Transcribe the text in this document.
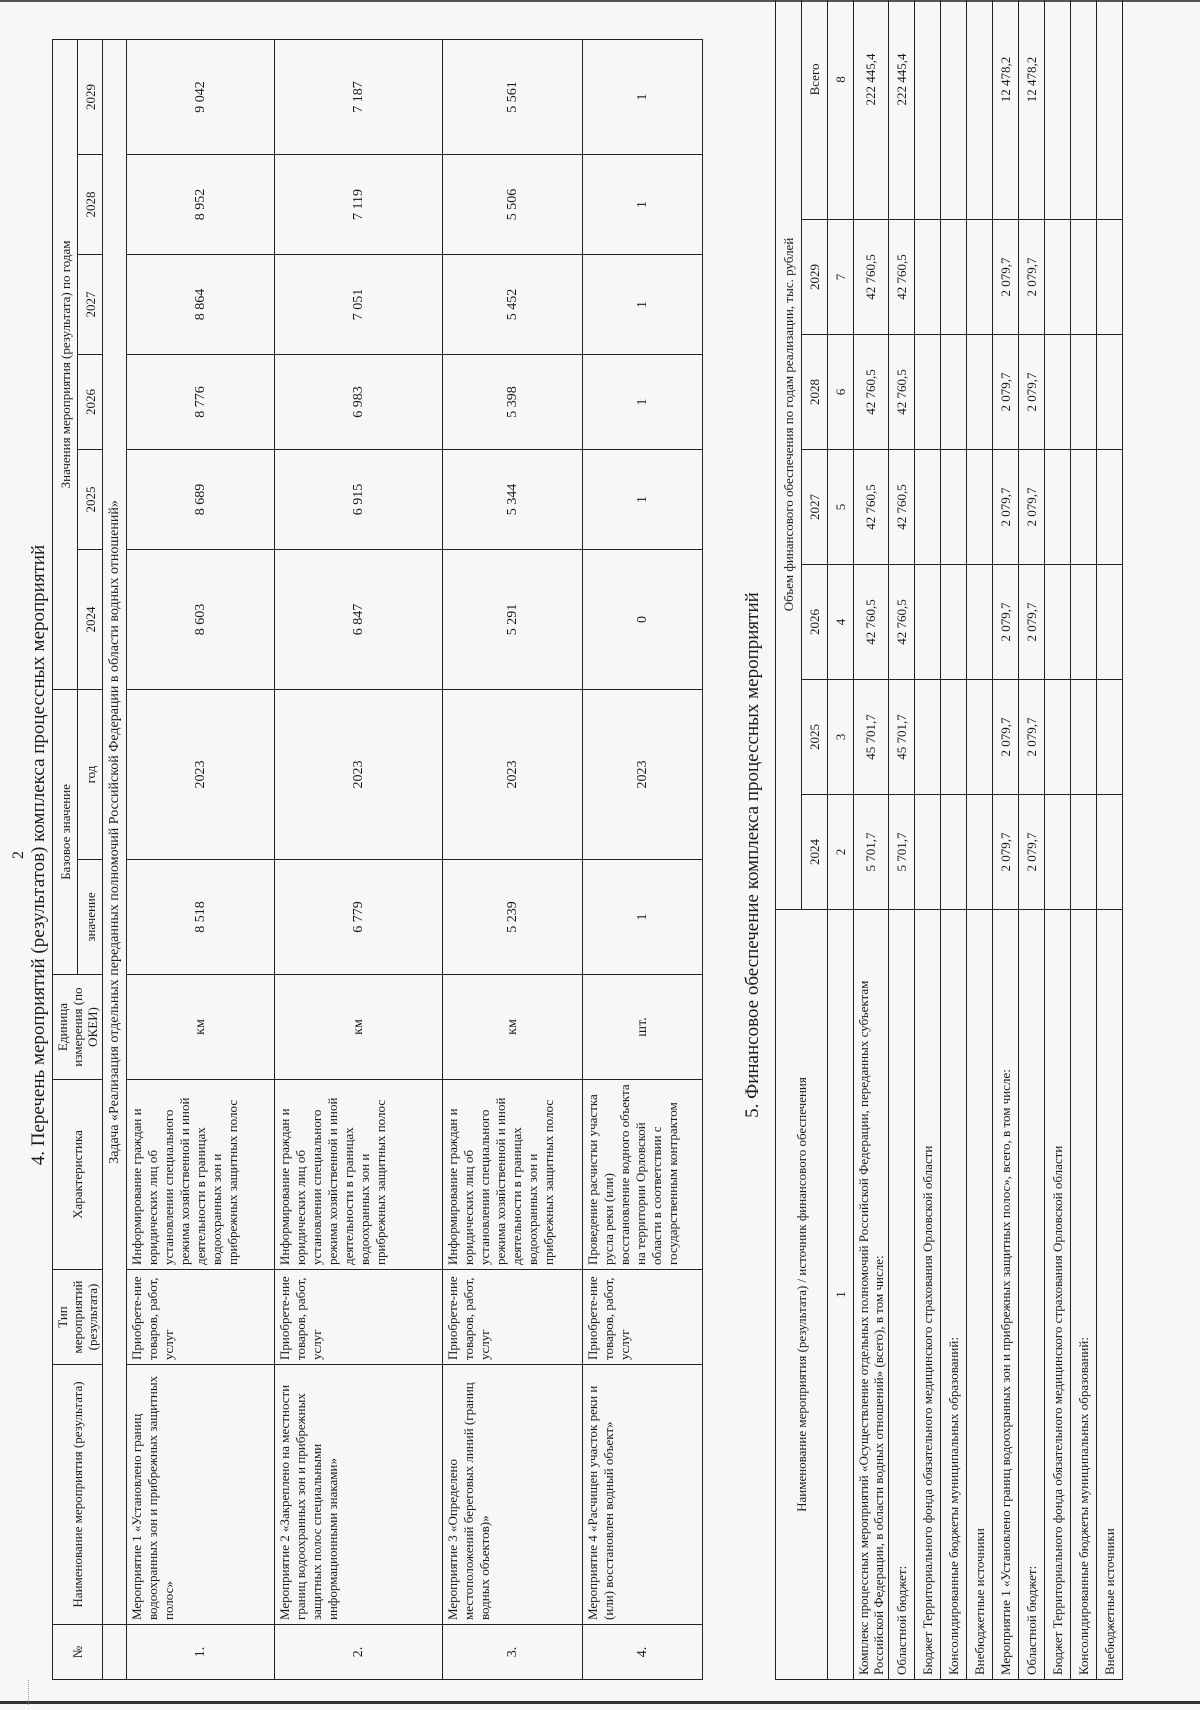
2 4. Перечень мероприятий (результатов) комплекса процессных мероприятий
№	Наименование мероприятия (результата)	Тип мероприятий (результата)	Характеристика	Единица измерения (по ОКЕИ)	Базовое значение		Значения мероприятия (результата) по годам					
					значение	год	2024	2025	2026	2027	2028	2029
	Задача «Реализация отдельных переданных полномочий Российской Федерации в области водных отношений»											
1.	Мероприятие 1 «Установлено границ водоохранных зон и прибрежных защитных полос»	Приобрете-ние товаров, работ, услуг	Информирование граждан и юридических лиц об установлении специального режима хозяйственной и иной деятельности в границах водоохранных зон и прибрежных защитных полос	км	8 518	2023	8 603	8 689	8 776	8 864	8 952	9 042
2.	Мероприятие 2 «Закреплено на местности границ водоохранных зон и прибрежных защитных полос специальными информационными знаками»	Приобрете-ние товаров, работ, услуг	Информирование граждан и юридических лиц об установлении специального режима хозяйственной и иной деятельности в границах водоохранных зон и прибрежных защитных полос	км	6 779	2023	6 847	6 915	6 983	7 051	7 119	7 187
3.	Мероприятие 3 «Определено местоположений береговых линий (границ водных объектов)»	Приобрете-ние товаров, работ, услуг	Информирование граждан и юридических лиц об установлении специального режима хозяйственной и иной деятельности в границах водоохранных зон и прибрежных защитных полос	км	5 239	2023	5 291	5 344	5 398	5 452	5 506	5 561
4.	Мероприятие 4 «Расчищен участок реки и (или) восстановлен водный объект»	Приобрете-ние товаров, работ, услуг	Проведение расчистки участка русла реки (или) восстановление водного объекта на территории Орловской области в соответствии с государственным контрактом	шт.	1	2023	0	1	1	1	1	1
5. Финансовое обеспечение комплекса процессных мероприятий
Наименование мероприятия (результата) / источник финансового обеспечения	Объем финансового обеспечения по годам реализации, тыс. рублей						
	2024	2025	2026	2027	2028	2029	Всего
1	2	3	4	5	6	7	8
Комплекс процессных мероприятий «Осуществление отдельных полномочий Российской Федерации, переданных субъектам Российской Федерации, в области водных отношений» (всего), в том числе:	5 701,7	45 701,7	42 760,5	42 760,5	42 760,5	42 760,5	222 445,4
Областной бюджет:	5 701,7	45 701,7	42 760,5	42 760,5	42 760,5	42 760,5	222 445,4
Бюджет Территориального фонда обязательного медицинского страхования Орловской области							
Консолидированные бюджеты муниципальных образований:							
Внебюджетные источники							
Мероприятие 1 «Установлено границ водоохранных зон и прибрежных защитных полос», всего, в том числе:	2 079,7	2 079,7	2 079,7	2 079,7	2 079,7	2 079,7	12 478,2
Областной бюджет:	2 079,7	2 079,7	2 079,7	2 079,7	2 079,7	2 079,7	12 478,2
Бюджет Территориального фонда обязательного медицинского страхования Орловской области							
Консолидированные бюджеты муниципальных образований:							
Внебюджетные источники							
